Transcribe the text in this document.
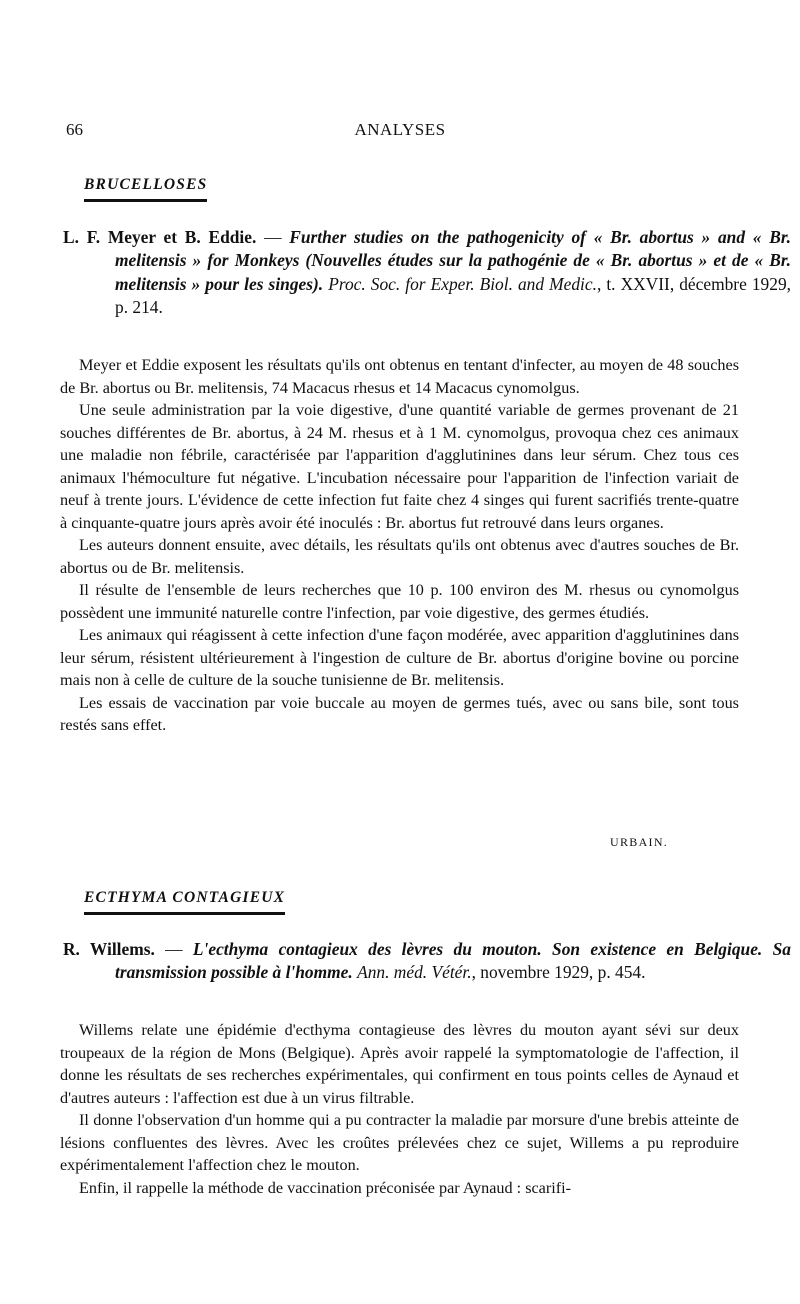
66	ANALYSES
BRUCELLOSES
L. F. Meyer et B. Eddie. — Further studies on the pathogenicity of « Br. abortus » and « Br. melitensis » for Monkeys (Nouvelles études sur la pathogénie de « Br. abortus » et de « Br. melitensis » pour les singes). Proc. Soc. for Exper. Biol. and Medic., t. XXVII, décembre 1929, p. 214.

Meyer et Eddie exposent les résultats qu'ils ont obtenus en tentant d'infecter, au moyen de 48 souches de Br. abortus ou Br. melitensis, 74 Macacus rhesus et 14 Macacus cynomolgus.

Une seule administration par la voie digestive, d'une quantité variable de germes provenant de 21 souches différentes de Br. abortus, à 24 M. rhesus et à 1 M. cynomolgus, provoqua chez ces animaux une maladie non fébrile, caractérisée par l'apparition d'agglutinines dans leur sérum. Chez tous ces animaux l'hémoculture fut négative. L'incubation nécessaire pour l'apparition de l'infection variait de neuf à trente jours. L'évidence de cette infection fut faite chez 4 singes qui furent sacrifiés trente-quatre à cinquante-quatre jours après avoir été inoculés : Br. abortus fut retrouvé dans leurs organes.

Les auteurs donnent ensuite, avec détails, les résultats qu'ils ont obtenus avec d'autres souches de Br. abortus ou de Br. melitensis.

Il résulte de l'ensemble de leurs recherches que 10 p. 100 environ des M. rhesus ou cynomolgus possèdent une immunité naturelle contre l'infection, par voie digestive, des germes étudiés.

Les animaux qui réagissent à cette infection d'une façon modérée, avec apparition d'agglutinines dans leur sérum, résistent ultérieurement à l'ingestion de culture de Br. abortus d'origine bovine ou porcine mais non à celle de culture de la souche tunisienne de Br. melitensis.

Les essais de vaccination par voie buccale au moyen de germes tués, avec ou sans bile, sont tous restés sans effet.

URBAIN.
ECTHYMA CONTAGIEUX
R. Willems. — L'ecthyma contagieux des lèvres du mouton. Son existence en Belgique. Sa transmission possible à l'homme. Ann. méd. Vétér., novembre 1929, p. 454.

Willems relate une épidémie d'ecthyma contagieuse des lèvres du mouton ayant sévi sur deux troupeaux de la région de Mons (Belgique). Après avoir rappelé la symptomatologie de l'affection, il donne les résultats de ses recherches expérimentales, qui confirment en tous points celles de Aynaud et d'autres auteurs : l'affection est due à un virus filtrable.

Il donne l'observation d'un homme qui a pu contracter la maladie par morsure d'une brebis atteinte de lésions confluentes des lèvres. Avec les croûtes prélevées chez ce sujet, Willems a pu reproduire expérimentalement l'affection chez le mouton.

Enfin, il rappelle la méthode de vaccination préconisée par Aynaud : scarifi-
